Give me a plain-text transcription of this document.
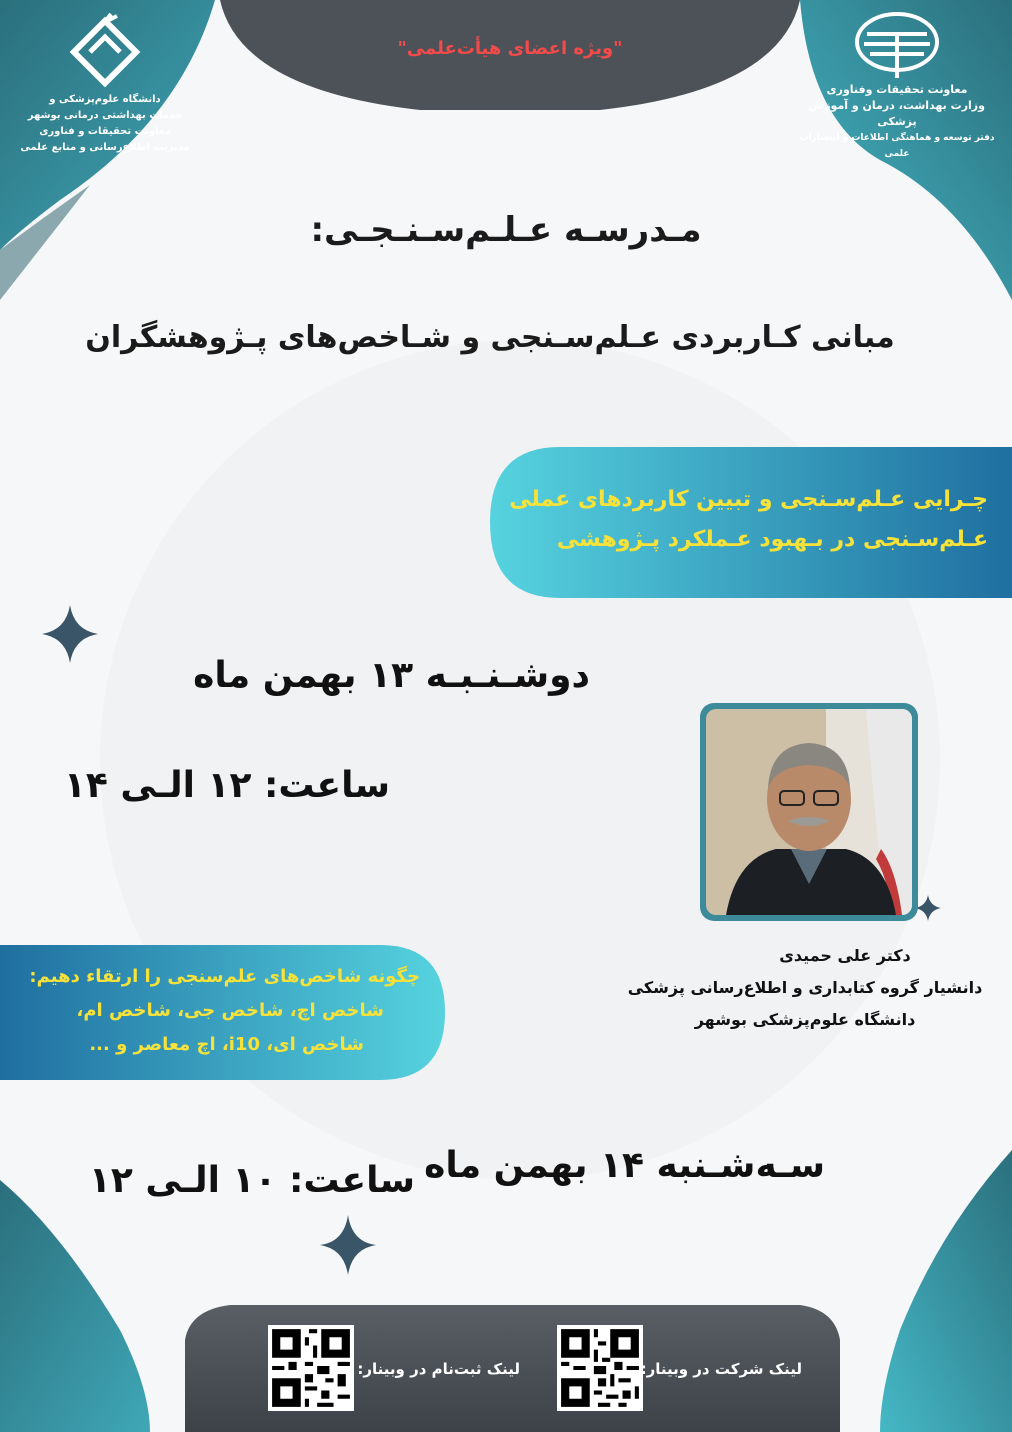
"ویژه اعضای هیأت‌علمی"
دانشگاه علوم‌پزشکی و
خدمات بهداشتی درمانی بوشهر
معاونت تحقیقات و فناوری
مدیریت اطلاع‌رسانی و منابع علمی
معاونت تحقیقات و‌فناوری
وزارت بهداشت، درمان و آموزش پزشکی
دفتر توسعه و هماهنگی اطلاعات و انتشارات علمی
مـدرسـه عـلـم‌سـنـجـی:
مبانی کـاربردی عـلم‌سـنجی و شـاخص‌های پـژوهشگران
چـرایی عـلم‌سـنجی و تبیین کاربردهای عملی
عـلم‌سـنجی در بـهبود عـملکرد پـژوهشی
دوشـنـبـه ۱۳ بهمن ماه
ساعت: ۱۲ الـی ۱۴
دکتر علی حمیدی
دانشیار گروه کتابداری و اطلاع‌رسانی پزشکی
دانشگاه علوم‌پزشکی بوشهر
چگونه شاخص‌های علم‌سنجی را ارتقاء دهیم:
شاخص اچ، شاخص جی، شاخص ام،
شاخص ای، i10، اچ معاصر و ...
سـه‌شـنبه ۱۴ بهمن ماه
ساعت: ۱۰ الـی ۱۲
لینک شرکت در وبینار:
لینک ثبت‌نام در وبینار:
